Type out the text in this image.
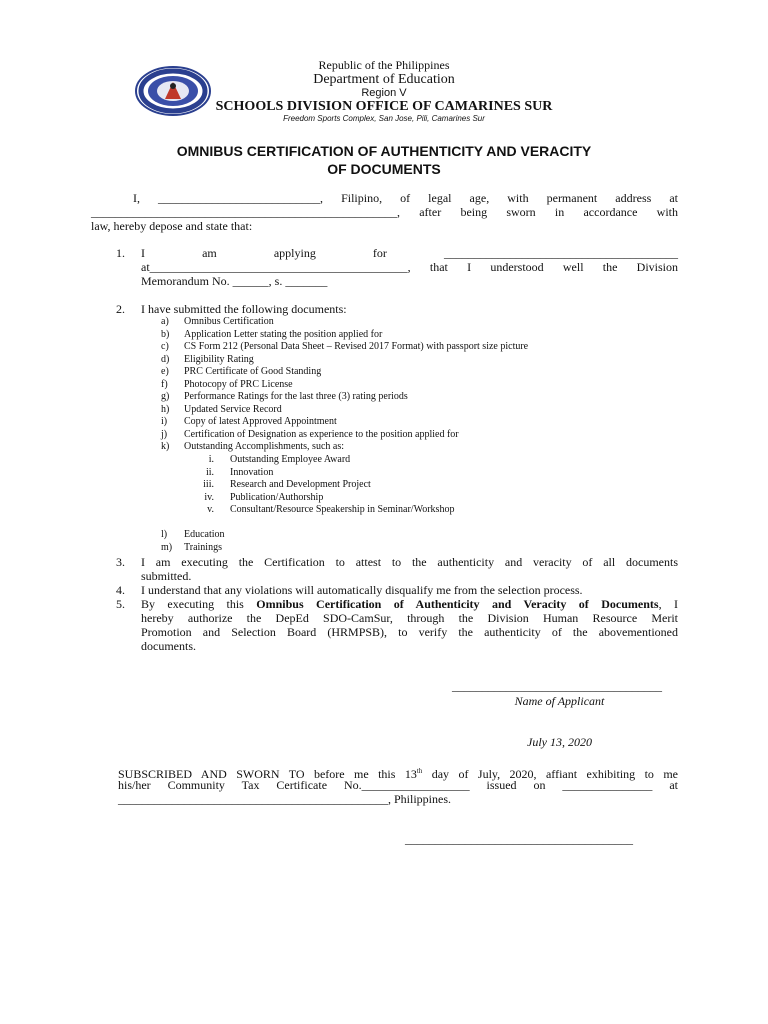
Republic of the Philippines
Department of Education
Region V
SCHOOLS DIVISION OFFICE OF CAMARINES SUR
Freedom Sports Complex, San Jose, Pili, Camarines Sur
OMNIBUS CERTIFICATION OF AUTHENTICITY AND VERACITY
OF DOCUMENTS
I, ___________________________, Filipino, of legal age, with permanent address at
___________________________________________________, after being sworn in accordance with
law, hereby depose and state that:
1. I am applying for _______________________________________
at___________________________________________, that I understood well the Division
Memorandum No. ______, s. _______
2. I have submitted the following documents:
a) Omnibus Certification
b) Application Letter stating the position applied for
c) CS Form 212 (Personal Data Sheet – Revised 2017 Format) with passport size picture
d) Eligibility Rating
e) PRC Certificate of Good Standing
f) Photocopy of PRC License
g) Performance Ratings for the last three (3) rating periods
h) Updated Service Record
i) Copy of latest Approved Appointment
j) Certification of Designation as experience to the position applied for
k) Outstanding Accomplishments, such as:
i. Outstanding Employee Award
ii. Innovation
iii. Research and Development Project
iv. Publication/Authorship
v. Consultant/Resource Speakership in Seminar/Workshop
l) Education
m) Trainings
3. I am executing the Certification to attest to the authenticity and veracity of all documents
submitted.
4. I understand that any violations will automatically disqualify me from the selection process.
5. By executing this Omnibus Certification of Authenticity and Veracity of Documents, I
hereby authorize the DepEd SDO-CamSur, through the Division Human Resource Merit
Promotion and Selection Board (HRMPSB), to verify the authenticity of the abovementioned
documents.
___________________________________
Name of Applicant
July 13, 2020
SUBSCRIBED AND SWORN TO before me this 13th day of July, 2020, affiant exhibiting to me
his/her Community Tax Certificate No.__________________ issued on _______________ at
_____________________________________________, Philippines.
______________________________________
